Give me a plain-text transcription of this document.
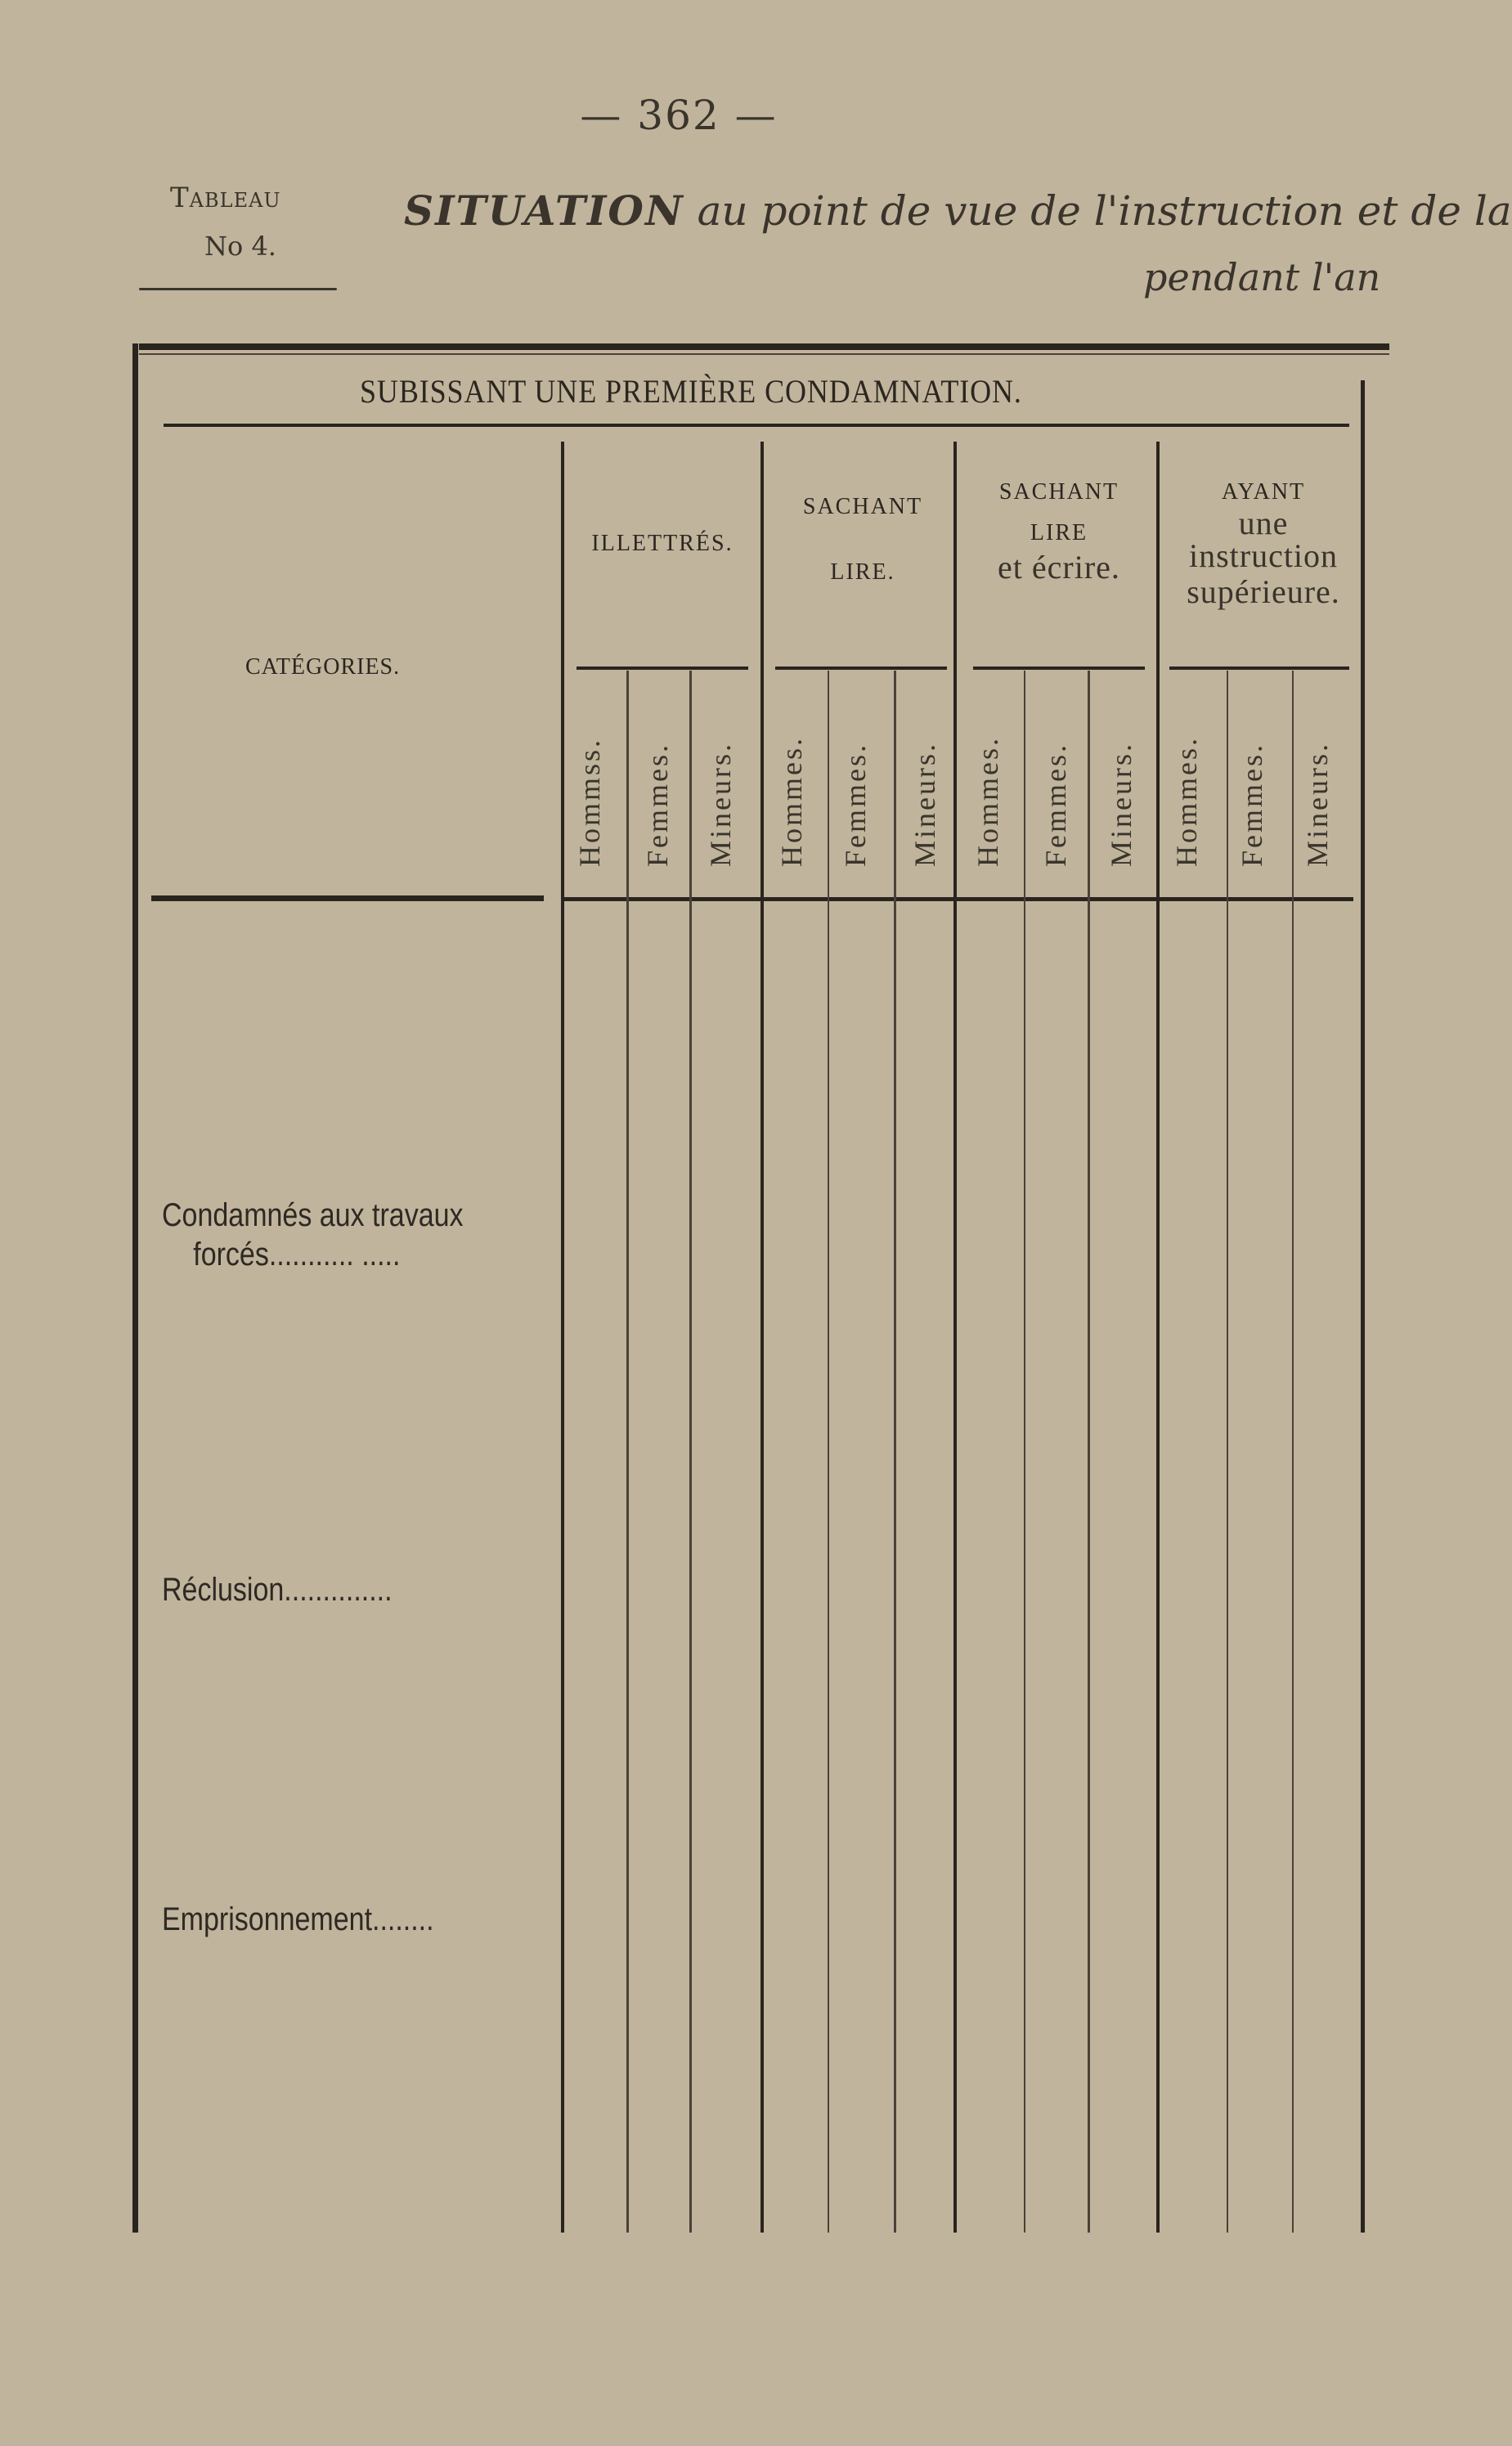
— 362 —
Tableau
No 4.
SITUATION au point de vue de l'instruction et de la
pendant l'an
SUBISSANT UNE PREMIÈRE CONDAMNATION.
CATÉGORIES.
ILLETTRÉS.
SACHANT
LIRE.
SACHANT
LIRE
et écrire.
AYANT
une
instruction
supérieure.
Hommss. Femmes. Mineurs. Hommes. Femmes. Mineurs. Hommes. Femmes. Mineurs. Hommes. Femmes. Mineurs.
Condamnés aux travaux
forcés........... .....
Réclusion..............
Emprisonnement........
